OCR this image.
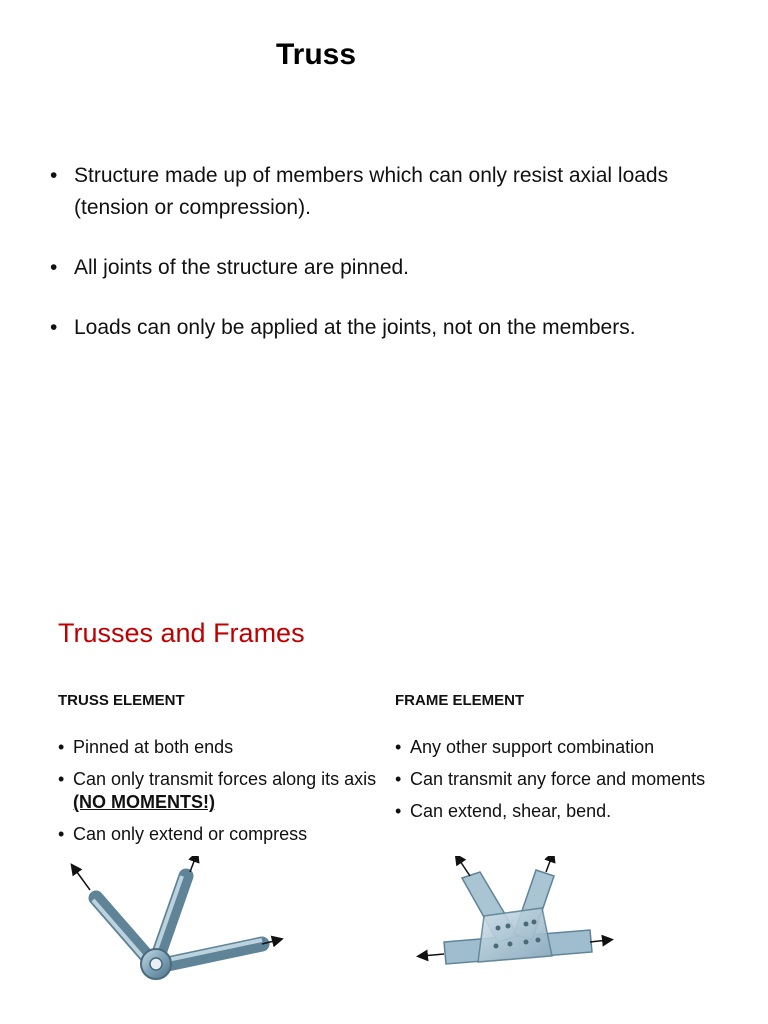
Truss
• Structure made up of members which can only resist axial loads (tension or compression).
• All joints of the structure are pinned.
• Loads can only be applied at the joints, not on the members.
Trusses and Frames
TRUSS ELEMENT
• Pinned at both ends
• Can only transmit forces along its axis (NO MOMENTS!)
• Can only extend or compress
FRAME ELEMENT
• Any other support combination
• Can transmit any force and moments
• Can extend, shear, bend.
